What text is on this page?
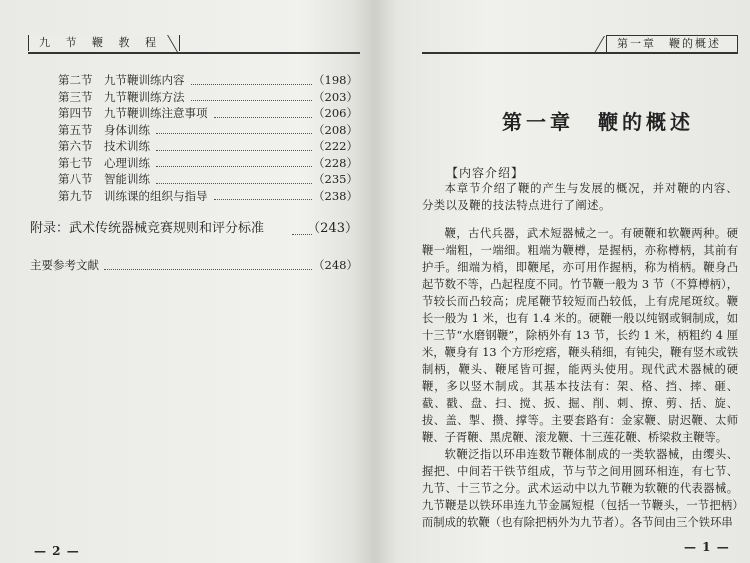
九 节 鞭 教 程
第二节 九节鞭训练内容	（198）
第三节 九节鞭训练方法	（203）
第四节 九节鞭训练注意事项	（206）
第五节 身体训练	（208）
第六节 技术训练	（222）
第七节 心理训练	（228）
第八节 智能训练	（235）
第九节 训练课的组织与指导	（238）
附录：武术传统器械竞赛规则和评分标准	（243）
主要参考文献	（248）
— 2 —
第一章　鞭的概述
第一章　鞭的概述
【内容介绍】

本章节介绍了鞭的产生与发展的概况，并对鞭的内容、分类以及鞭的技法特点进行了阐述。

鞭，古代兵器，武术短器械之一。有硬鞭和软鞭两种。硬鞭一端粗，一端细。粗端为鞭樽，是握柄，亦称樽柄，其前有护手。细端为梢，即鞭尾，亦可用作握柄，称为梢柄。鞭身凸起节数不等，凸起程度不同。竹节鞭一般为 3 节（不算樽柄），节较长而凸较高；虎尾鞭节较短而凸较低，上有虎尾斑纹。鞭长一般为 1 米，也有 1.4 米的。硬鞭一般以纯钢或铜制成，如十三节“水磨钢鞭”，除柄外有 13 节，长约 1 米，柄粗约 4 厘米，鞭身有 13 个方形疙瘩，鞭头稍细，有钝尖，鞭有竖木或铁制柄，鞭头、鞭尾皆可握，能两头使用。现代武术器械的硬鞭，多以竖木制成。其基本技法有：架、格、挡、摔、砸、截、戳、盘、扫、搅、扳、掘、削、刺、撩、剪、括、旋、拔、盖、掣、攒、撑等。主要套路有：金家鞭、尉迟鞭、太师鞭、子胥鞭、黑虎鞭、滚龙鞭、十三莲花鞭、桥梁救主鞭等。

软鞭泛指以环串连数节鞭体制成的一类软器械，由缨头、握把、中间若干铁节组成，节与节之间用圆环相连，有七节、九节、十三节之分。武术运动中以九节鞭为软鞭的代表器械。九节鞭是以铁环串连九节金属短棍（包括一节鞭头，一节把柄）而制成的软鞭（也有除把柄外为九节者）。各节间由三个铁环串

— 1 —
